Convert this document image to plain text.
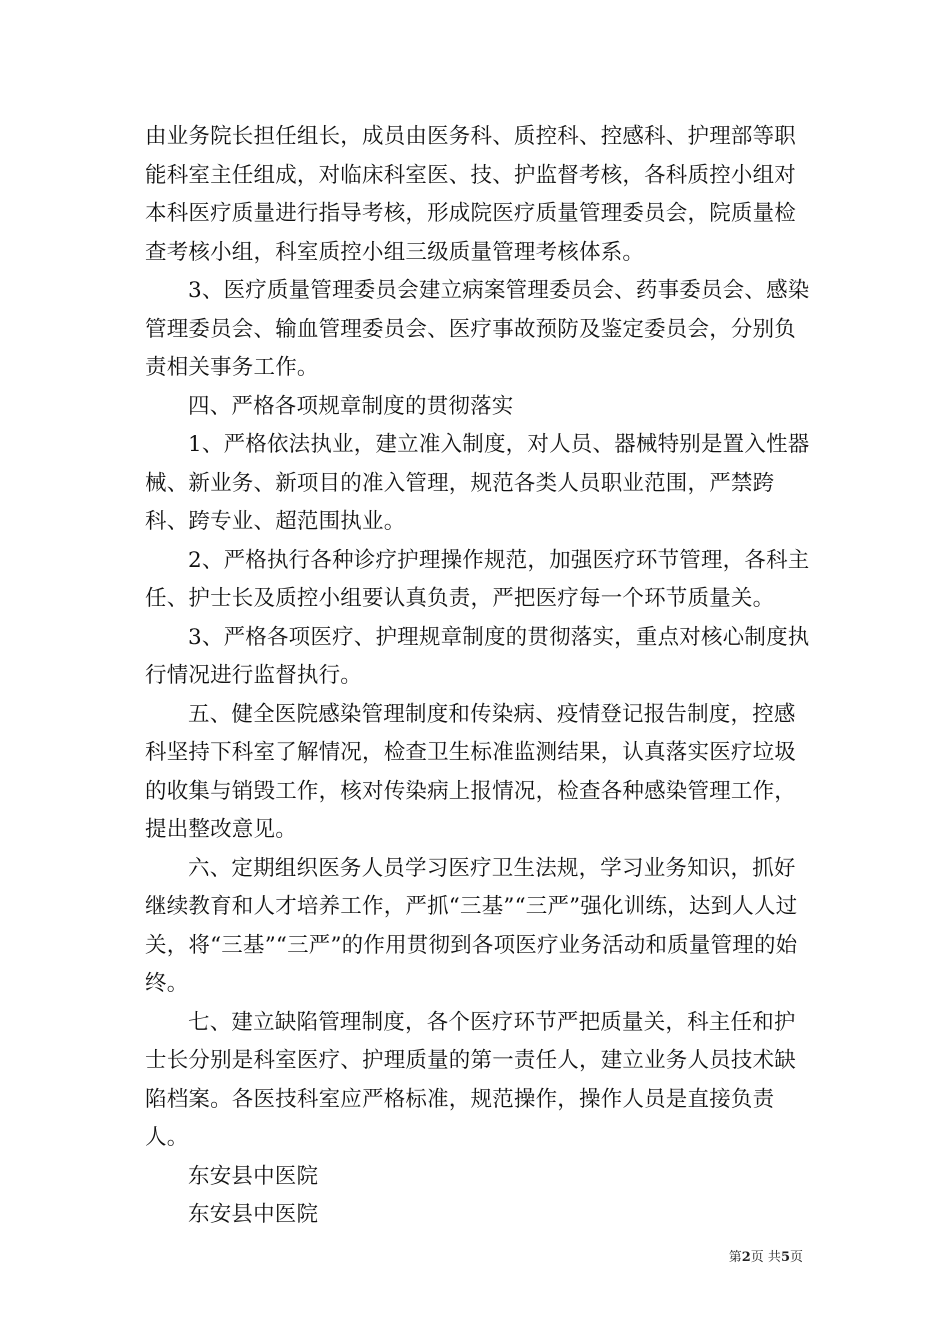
由业务院长担任组长，成员由医务科、质控科、控感科、护理部等职能科室主任组成，对临床科室医、技、护监督考核，各科质控小组对本科医疗质量进行指导考核，形成院医疗质量管理委员会，院质量检查考核小组，科室质控小组三级质量管理考核体系。

3、医疗质量管理委员会建立病案管理委员会、药事委员会、感染管理委员会、输血管理委员会、医疗事故预防及鉴定委员会，分别负责相关事务工作。

四、严格各项规章制度的贯彻落实

1、严格依法执业，建立准入制度，对人员、器械特别是置入性器械、新业务、新项目的准入管理，规范各类人员职业范围，严禁跨科、跨专业、超范围执业。

2、严格执行各种诊疗护理操作规范，加强医疗环节管理，各科主任、护士长及质控小组要认真负责，严把医疗每一个环节质量关。

3、严格各项医疗、护理规章制度的贯彻落实，重点对核心制度执行情况进行监督执行。

五、健全医院感染管理制度和传染病、疫情登记报告制度，控感科坚持下科室了解情况，检查卫生标准监测结果，认真落实医疗垃圾的收集与销毁工作，核对传染病上报情况，检查各种感染管理工作，提出整改意见。

六、定期组织医务人员学习医疗卫生法规，学习业务知识，抓好继续教育和人才培养工作，严抓“三基”“三严”强化训练，达到人人过关，将“三基”“三严”的作用贯彻到各项医疗业务活动和质量管理的始终。

七、建立缺陷管理制度，各个医疗环节严把质量关，科主任和护士长分别是科室医疗、护理质量的第一责任人，建立业务人员技术缺陷档案。各医技科室应严格标准，规范操作，操作人员是直接负责人。

东安县中医院

东安县中医院

第2页 共5页
